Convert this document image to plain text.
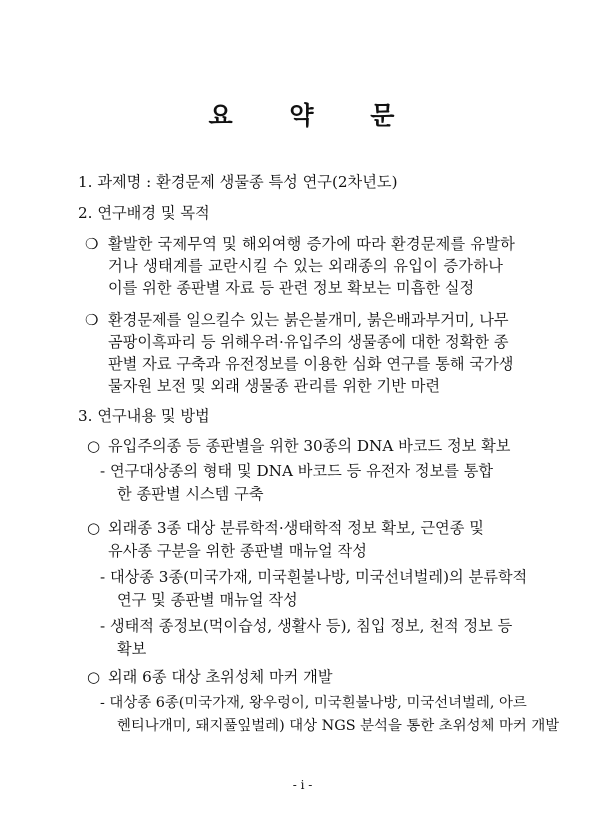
요 약 문
1. 과제명 : 환경문제 생물종 특성 연구(2차년도)
2. 연구배경 및 목적
❍ 활발한 국제무역 및 해외여행 증가에 따라 환경문제를 유발하
거나 생태계를 교란시킬 수 있는 외래종의 유입이 증가하나
이를 위한 종판별 자료 등 관련 정보 확보는 미흡한 실정
❍ 환경문제를 일으킬수 있는 붉은불개미, 붉은배과부거미, 나무
곰팡이흑파리 등 위해우려·유입주의 생물종에 대한 정확한 종
판별 자료 구축과 유전정보를 이용한 심화 연구를 통해 국가생
물자원 보전 및 외래 생물종 관리를 위한 기반 마련
3. 연구내용 및 방법
○ 유입주의종 등 종판별을 위한 30종의 DNA 바코드 정보 확보
- 연구대상종의 형태 및 DNA 바코드 등 유전자 정보를 통합
한 종판별 시스템 구축
○ 외래종 3종 대상 분류학적·생태학적 정보 확보, 근연종 및
유사종 구분을 위한 종판별 매뉴얼 작성
- 대상종 3종(미국가재, 미국흰불나방, 미국선녀벌레)의 분류학적
연구 및 종판별 매뉴얼 작성
- 생태적 종정보(먹이습성, 생활사 등), 침입 정보, 천적 정보 등
확보
○ 외래 6종 대상 초위성체 마커 개발
- 대상종 6종(미국가재, 왕우렁이, 미국흰불나방, 미국선녀벌레, 아르
헨티나개미, 돼지풀잎벌레) 대상 NGS 분석을 통한 초위성체 마커 개발
- i -
